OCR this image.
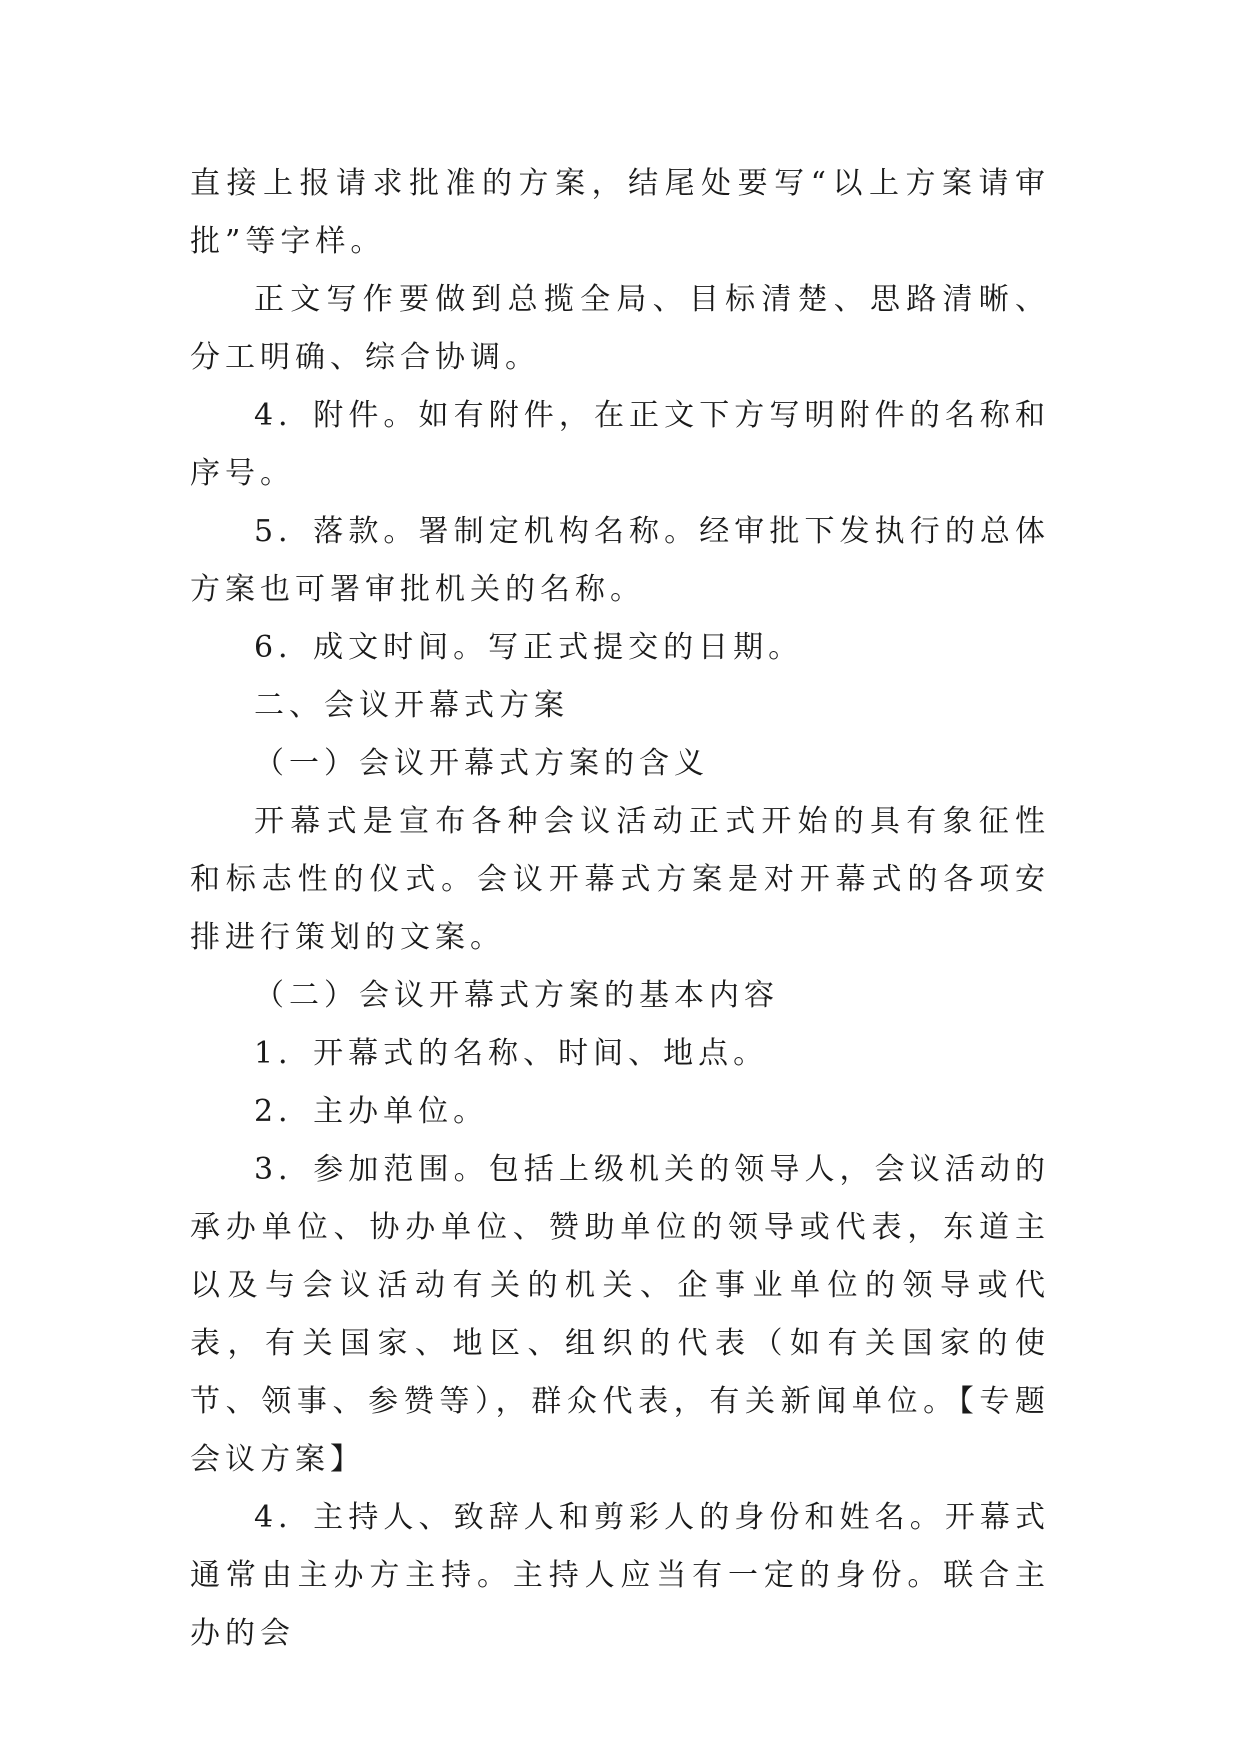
直接上报请求批准的方案，结尾处要写“以上方案请审批”等字样。

正文写作要做到总揽全局、目标清楚、思路清晰、分工明确、综合协调。

4．附件。如有附件，在正文下方写明附件的名称和序号。

5．落款。署制定机构名称。经审批下发执行的总体方案也可署审批机关的名称。

6．成文时间。写正式提交的日期。

二、会议开幕式方案

（一）会议开幕式方案的含义

开幕式是宣布各种会议活动正式开始的具有象征性和标志性的仪式。会议开幕式方案是对开幕式的各项安排进行策划的文案。

（二）会议开幕式方案的基本内容

1．开幕式的名称、时间、地点。

2．主办单位。

3．参加范围。包括上级机关的领导人，会议活动的承办单位、协办单位、赞助单位的领导或代表，东道主以及与会议活动有关的机关、企事业单位的领导或代表，有关国家、地区、组织的代表（如有关国家的使节、领事、参赞等），群众代表，有关新闻单位。【专题会议方案】

4．主持人、致辞人和剪彩人的身份和姓名。开幕式通常由主办方主持。主持人应当有一定的身份。联合主办的会
